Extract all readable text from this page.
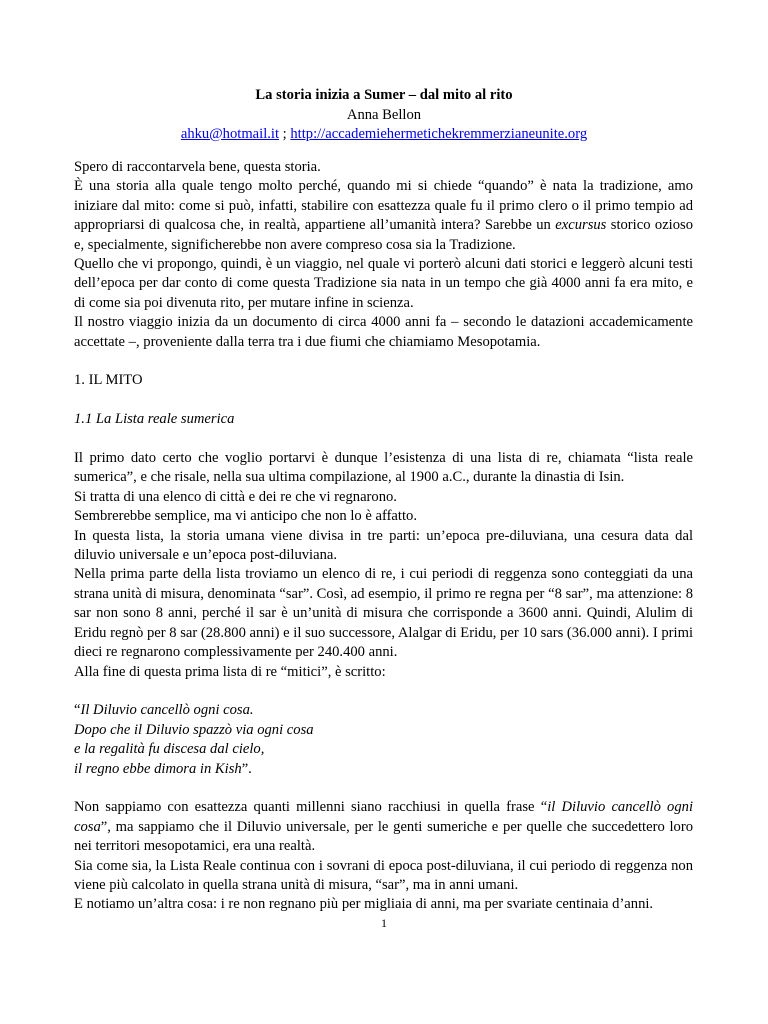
La storia inizia a Sumer – dal mito al rito
Anna Bellon
ahku@hotmail.it ; http://accademiehermetichekremmerzianeunite.org

Spero di raccontarvela bene, questa storia.

È una storia alla quale tengo molto perché, quando mi si chiede “quando” è nata la tradizione, amo iniziare dal mito: come si può, infatti, stabilire con esattezza quale fu il primo clero o il primo tempio ad appropriarsi di qualcosa che, in realtà, appartiene all’umanità intera? Sarebbe un excursus storico ozioso e, specialmente, significherebbe non avere compreso cosa sia la Tradizione.

Quello che vi propongo, quindi, è un viaggio, nel quale vi porterò alcuni dati storici e leggerò alcuni testi dell’epoca per dar conto di come questa Tradizione sia nata in un tempo che già 4000 anni fa era mito, e di come sia poi divenuta rito, per mutare infine in scienza.

Il nostro viaggio inizia da un documento di circa 4000 anni fa – secondo le datazioni accademicamente accettate –, proveniente dalla terra tra i due fiumi che chiamiamo Mesopotamia.

1. IL MITO

1.1 La Lista reale sumerica

Il primo dato certo che voglio portarvi è dunque l’esistenza di una lista di re, chiamata “lista reale sumerica”, e che risale, nella sua ultima compilazione, al 1900 a.C., durante la dinastia di Isin.

Si tratta di una elenco di città e dei re che vi regnarono.

Sembrerebbe semplice, ma vi anticipo che non lo è affatto.

In questa lista, la storia umana viene divisa in tre parti: un’epoca pre-diluviana, una cesura data dal diluvio universale e un’epoca post-diluviana.

Nella prima parte della lista troviamo un elenco di re, i cui periodi di reggenza sono conteggiati da una strana unità di misura, denominata “sar”. Così, ad esempio, il primo re regna per “8 sar”, ma attenzione: 8 sar non sono 8 anni, perché il sar è un’unità di misura che corrisponde a 3600 anni. Quindi, Alulim di Eridu regnò per 8 sar (28.800 anni) e il suo successore, Alalgar di Eridu, per 10 sars (36.000 anni). I primi dieci re regnarono complessivamente per 240.400 anni.

Alla fine di questa prima lista di re “mitici”, è scritto:

“Il Diluvio cancellò ogni cosa.

Dopo che il Diluvio spazzò via ogni cosa

e la regalità fu discesa dal cielo,

il regno ebbe dimora in Kish”.

Non sappiamo con esattezza quanti millenni siano racchiusi in quella frase “il Diluvio cancellò ogni cosa”, ma sappiamo che il Diluvio universale, per le genti sumeriche e per quelle che succedettero loro nei territori mesopotamici, era una realtà.

Sia come sia, la Lista Reale continua con i sovrani di epoca post-diluviana, il cui periodo di reggenza non viene più calcolato in quella strana unità di misura, “sar”, ma in anni umani.

E notiamo un’altra cosa: i re non regnano più per migliaia di anni, ma per svariate centinaia d’anni.

1
